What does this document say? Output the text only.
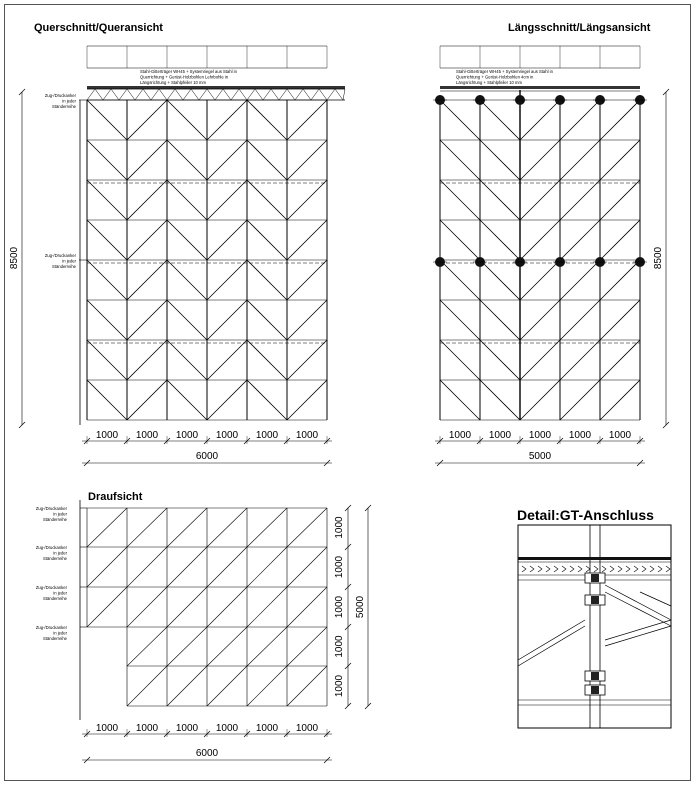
Querschnitt/Queransicht	Längsschnitt/Längsansicht
Draufsicht
Detail:GT-Anschluss
Stahl-Gitterträger WH45 + Systemriegel aus Stahl in
Querrichtung + Gerüst-Holzbohlen Lehrbohle in
Längsrichtung + Stahlpfeiler 10 mm
Zug-/Druckanker
in jeder
Ständerreihe
Zug-/Druckanker
in jeder
Ständerreihe
8500
1000 1000 1000 1000 1000 1000
6000
Stahl-Gitterträger WH45 + Systemriegel aus Stahl in
Querrichtung + Gerüst-Holzbohlen 4cm in
Längsrichtung + Stahlpfeiler 10 mm
8500
1000 1000 1000 1000 1000
5000
Zug-/Druckanker
in jeder
Ständerreihe
Zug-/Druckanker
in jeder
Ständerreihe
Zug-/Druckanker
in jeder
Ständerreihe
Zug-/Druckanker
in jeder
Ständerreihe
1000
1000
1000
1000
1000
5000
1000 1000 1000 1000 1000 1000
6000
